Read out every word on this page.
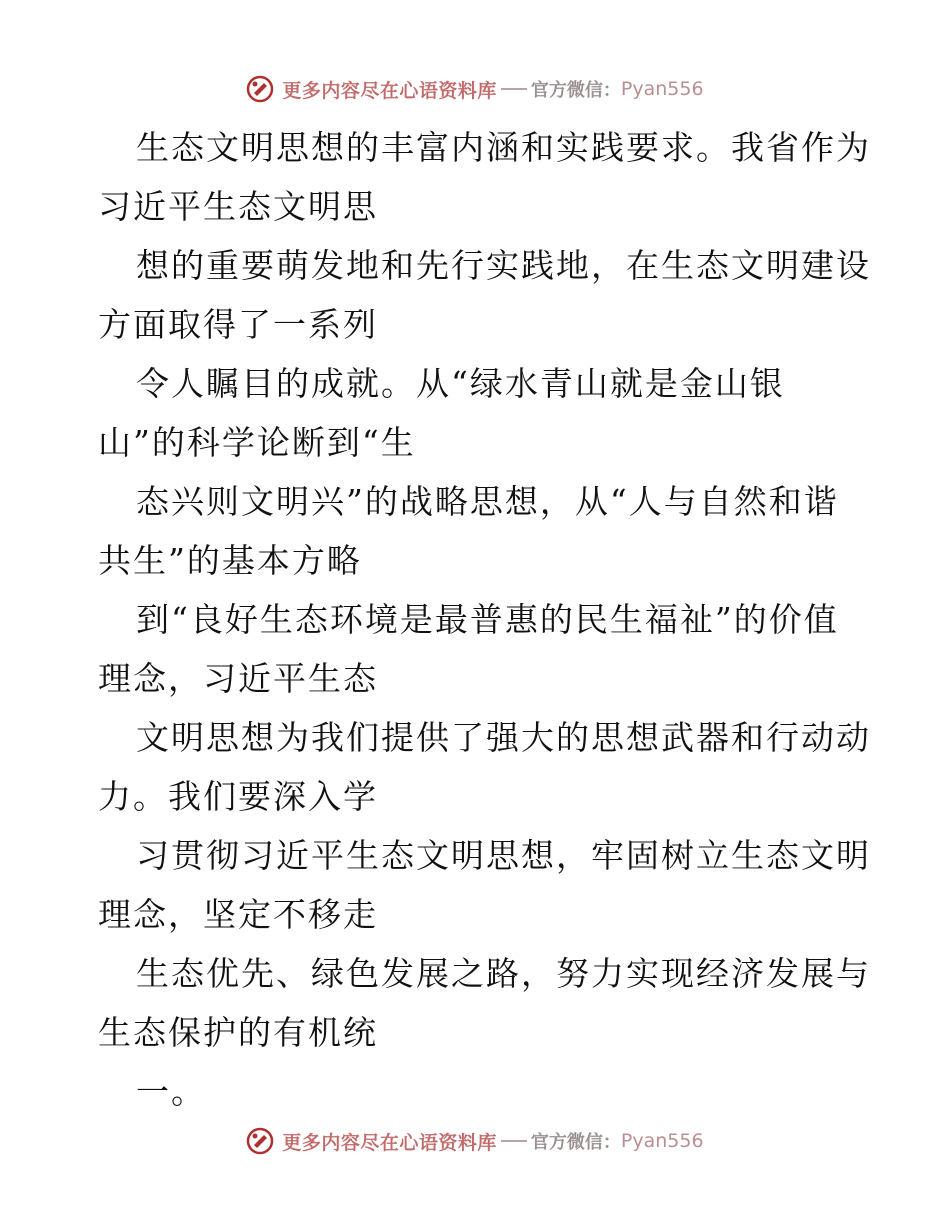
更多内容尽在心语资料库 官方微信： Pyan556
生态文明思想的丰富内涵和实践要求。我省作为
习近平生态文明思
想的重要萌发地和先行实践地，在生态文明建设
方面取得了一系列
令人瞩目的成就。从“绿水青山就是金山银
山”的科学论断到“生
态兴则文明兴”的战略思想，从“人与自然和谐
共生”的基本方略
到“良好生态环境是最普惠的民生福祉”的价值
理念，习近平生态
文明思想为我们提供了强大的思想武器和行动动
力。我们要深入学
习贯彻习近平生态文明思想，牢固树立生态文明
理念，坚定不移走
生态优先、绿色发展之路，努力实现经济发展与
生态保护的有机统
一。
更多内容尽在心语资料库 官方微信： Pyan556
